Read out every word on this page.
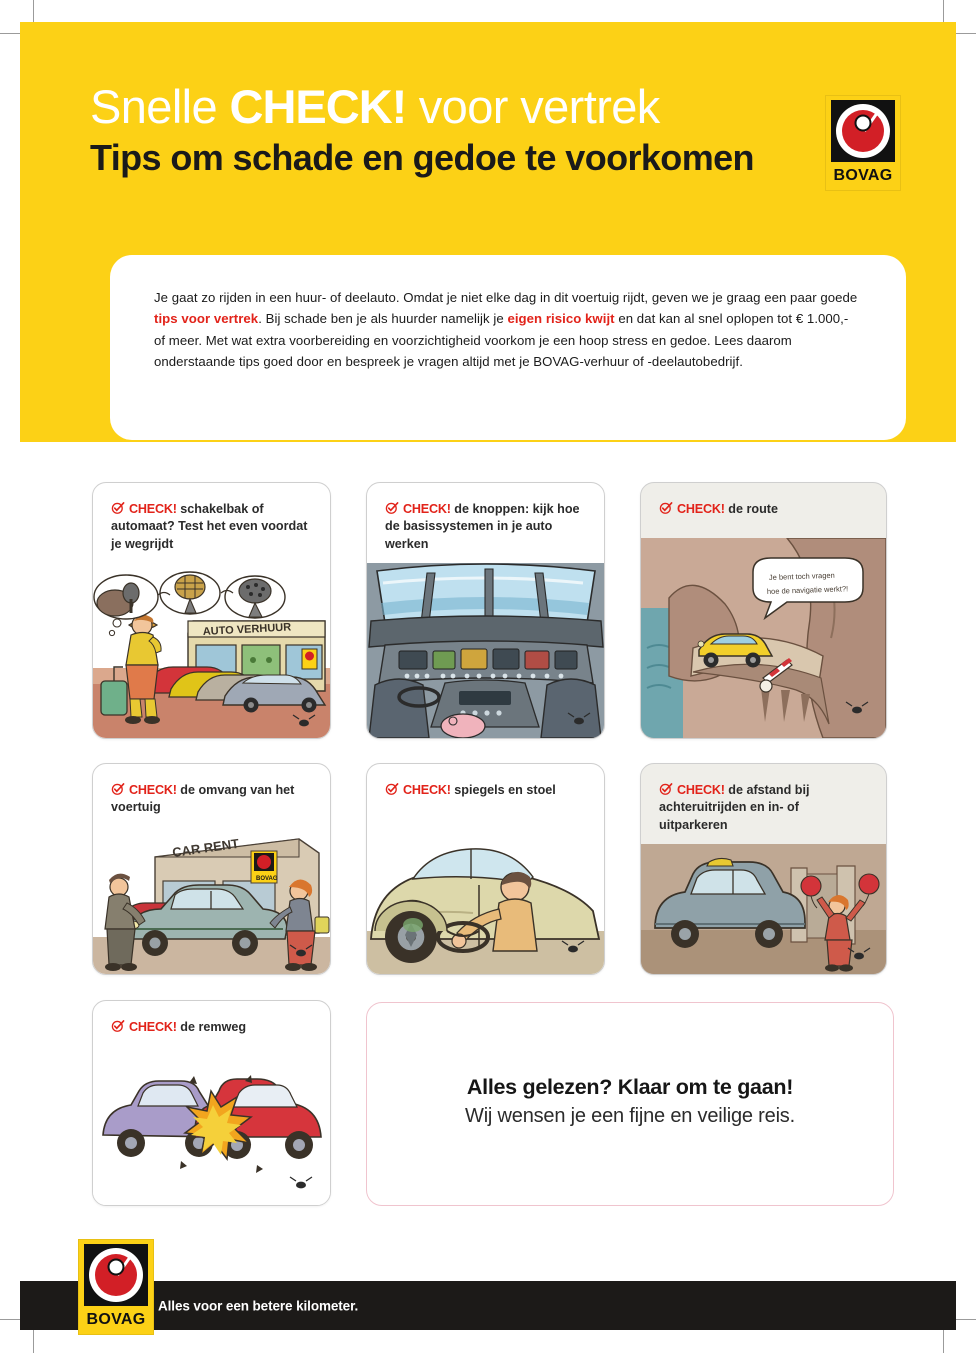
Snelle CHECK! voor vertrek
Tips om schade en gedoe te voorkomen	BOVAG

Je gaat zo rijden in een huur- of deelauto. Omdat je niet elke dag in dit voertuig rijdt, geven we je graag een paar goede tips voor vertrek. Bij schade ben je als huurder namelijk je eigen risico kwijt en dat kan al snel oplopen tot € 1.000,- of meer. Met wat extra voorbereiding en voorzichtigheid voorkom je een hoop stress en gedoe. Lees daarom onderstaande tips goed door en bespreek je vragen altijd met je BOVAG-verhuur of -deelautobedrijf.

CHECK! schakelbak of automaat? Test het even voordat je wegrijdt
AUTO VERHUUR
CHECK! de knoppen: kijk hoe de basissystemen in je auto werken
CHECK! de route
Je bent toch vragen
hoe de navigatie werkt?!
CHECK! de omvang van het voertuig
CAR RENT
BOVAG
CHECK! spiegels en stoel	CHECK! de afstand bij achteruitrijden en in- of uitparkeren
CHECK! de remweg
Alles gelezen? Klaar om te gaan!
Wij wensen je een fijne en veilige reis.
Alles voor een betere kilometer.
BOVAG
